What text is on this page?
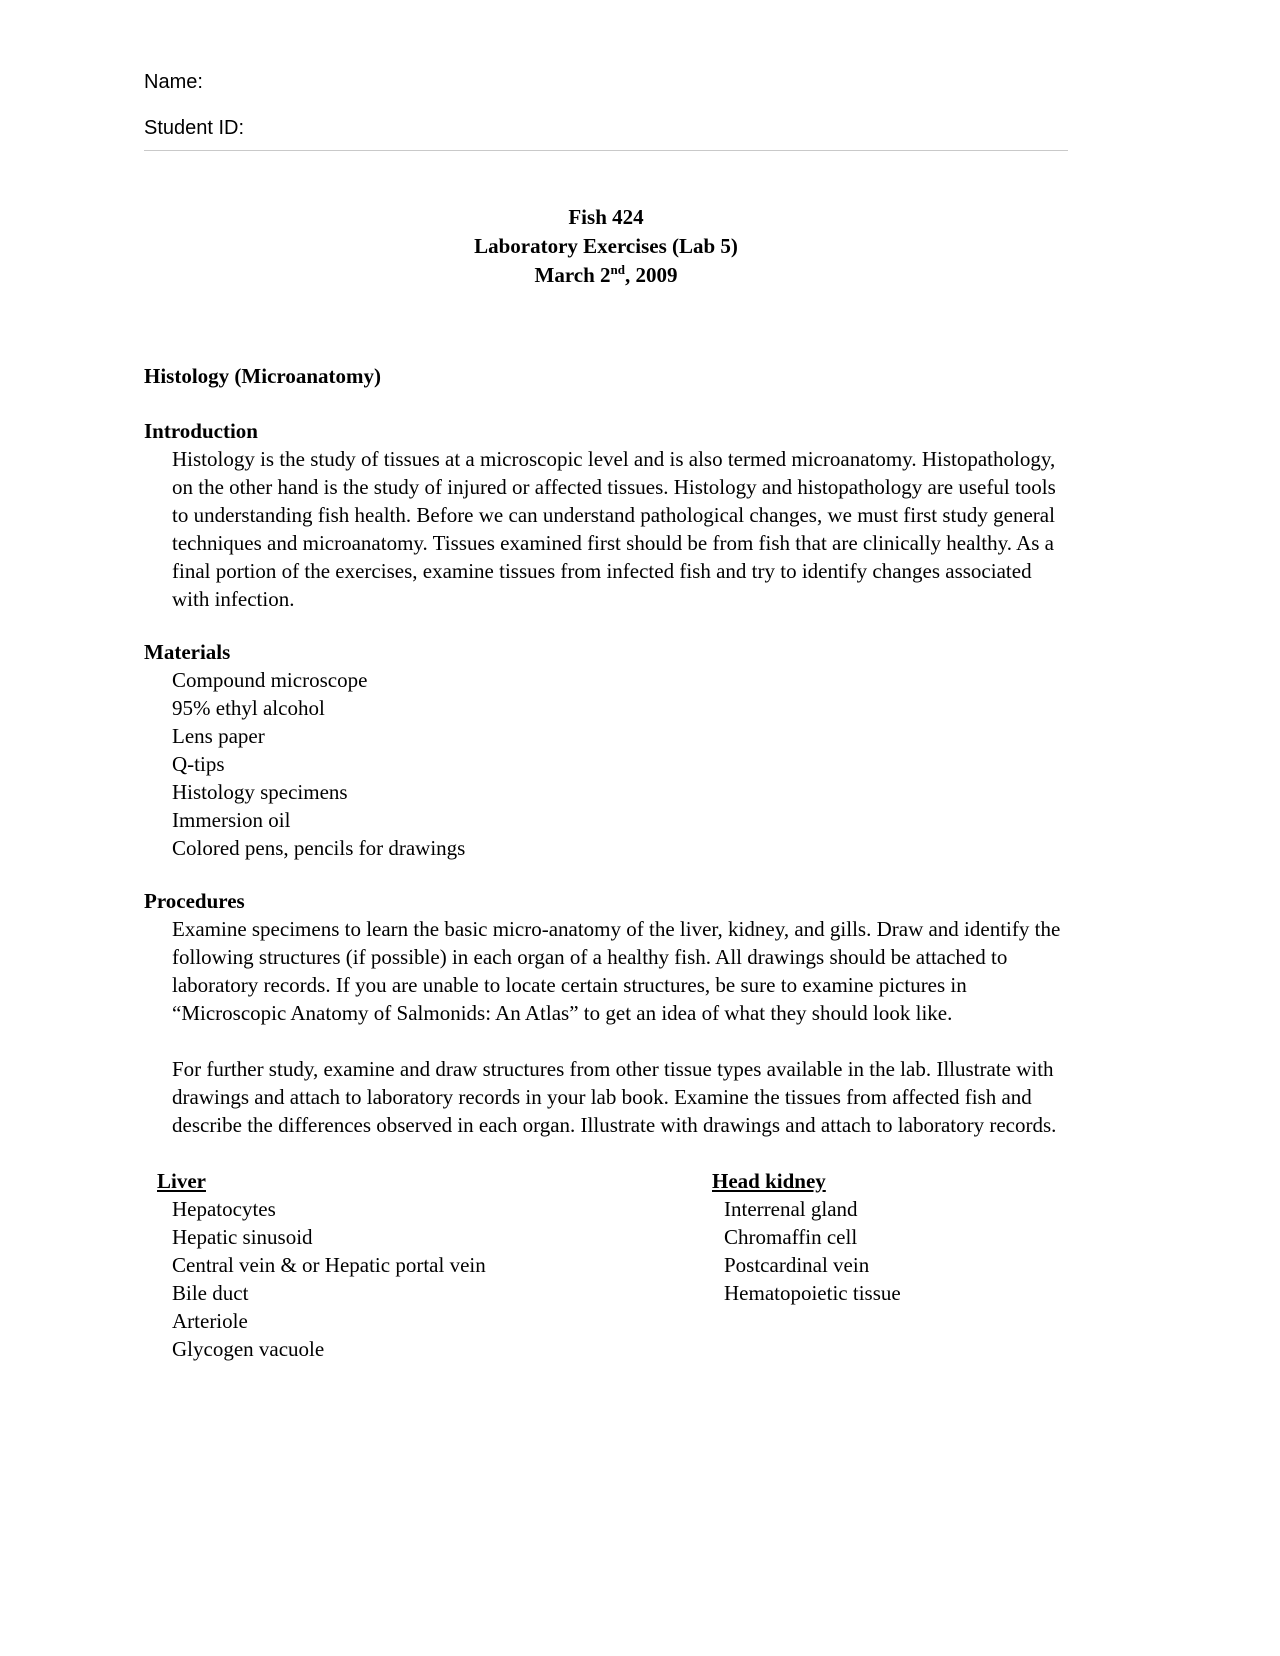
Name:
Student ID:
Fish 424
Laboratory Exercises (Lab 5)
March 2nd, 2009
Histology (Microanatomy)
Introduction

Histology is the study of tissues at a microscopic level and is also termed microanatomy. Histopathology, on the other hand is the study of injured or affected tissues. Histology and histopathology are useful tools to understanding fish health. Before we can understand pathological changes, we must first study general techniques and microanatomy. Tissues examined first should be from fish that are clinically healthy. As a final portion of the exercises, examine tissues from infected fish and try to identify changes associated with infection.

Materials
Compound microscope
95% ethyl alcohol
Lens paper
Q-tips
Histology specimens
Immersion oil
Colored pens, pencils for drawings
Procedures

Examine specimens to learn the basic micro-anatomy of the liver, kidney, and gills. Draw and identify the following structures (if possible) in each organ of a healthy fish. All drawings should be attached to laboratory records. If you are unable to locate certain structures, be sure to examine pictures in “Microscopic Anatomy of Salmonids: An Atlas” to get an idea of what they should look like.

For further study, examine and draw structures from other tissue types available in the lab. Illustrate with drawings and attach to laboratory records in your lab book. Examine the tissues from affected fish and describe the differences observed in each organ. Illustrate with drawings and attach to laboratory records.

Liver
Hepatocytes
Hepatic sinusoid
Central vein & or Hepatic portal vein
Bile duct
Arteriole
Glycogen vacuole
Head kidney
Interrenal gland
Chromaffin cell
Postcardinal vein
Hematopoietic tissue
